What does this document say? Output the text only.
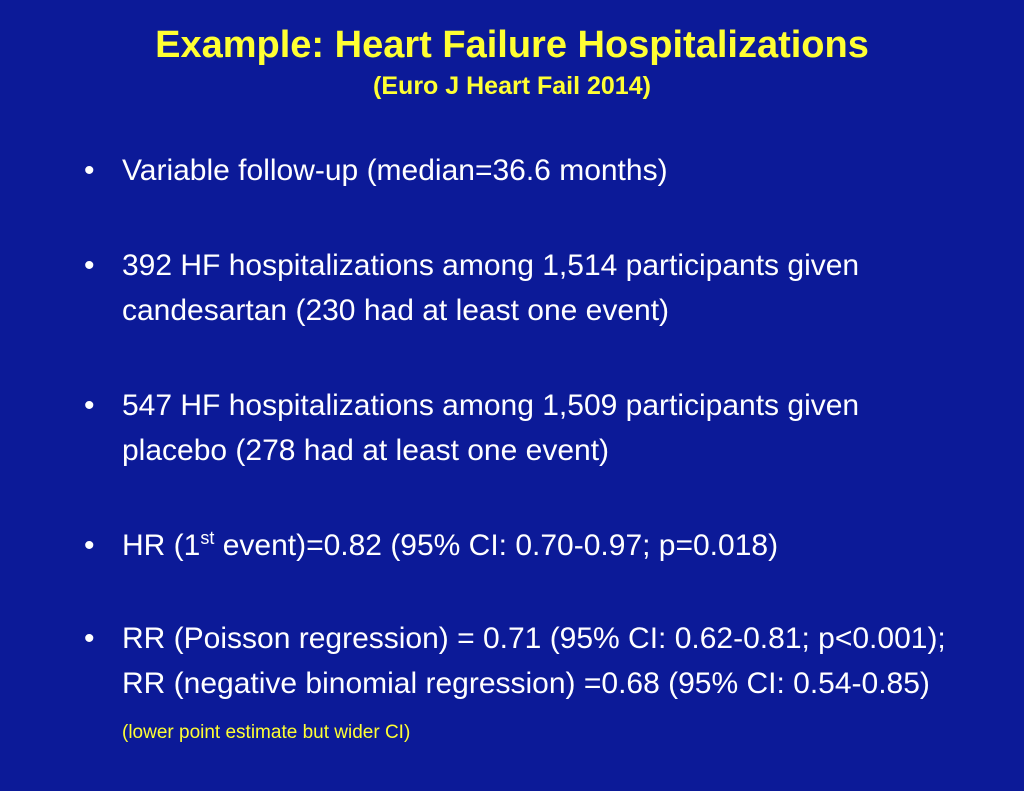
Example: Heart Failure Hospitalizations
(Euro J Heart Fail 2014)
• Variable follow-up (median=36.6 months)
• 392 HF hospitalizations among 1,514 participants given candesartan (230 had at least one event)
• 547 HF hospitalizations among 1,509 participants given placebo (278 had at least one event)
• HR (1st event)=0.82 (95% CI: 0.70-0.97; p=0.018)
• RR (Poisson regression) = 0.71 (95% CI: 0.62-0.81; p<0.001); RR (negative binomial regression) =0.68 (95% CI: 0.54-0.85) (lower point estimate but wider CI)
